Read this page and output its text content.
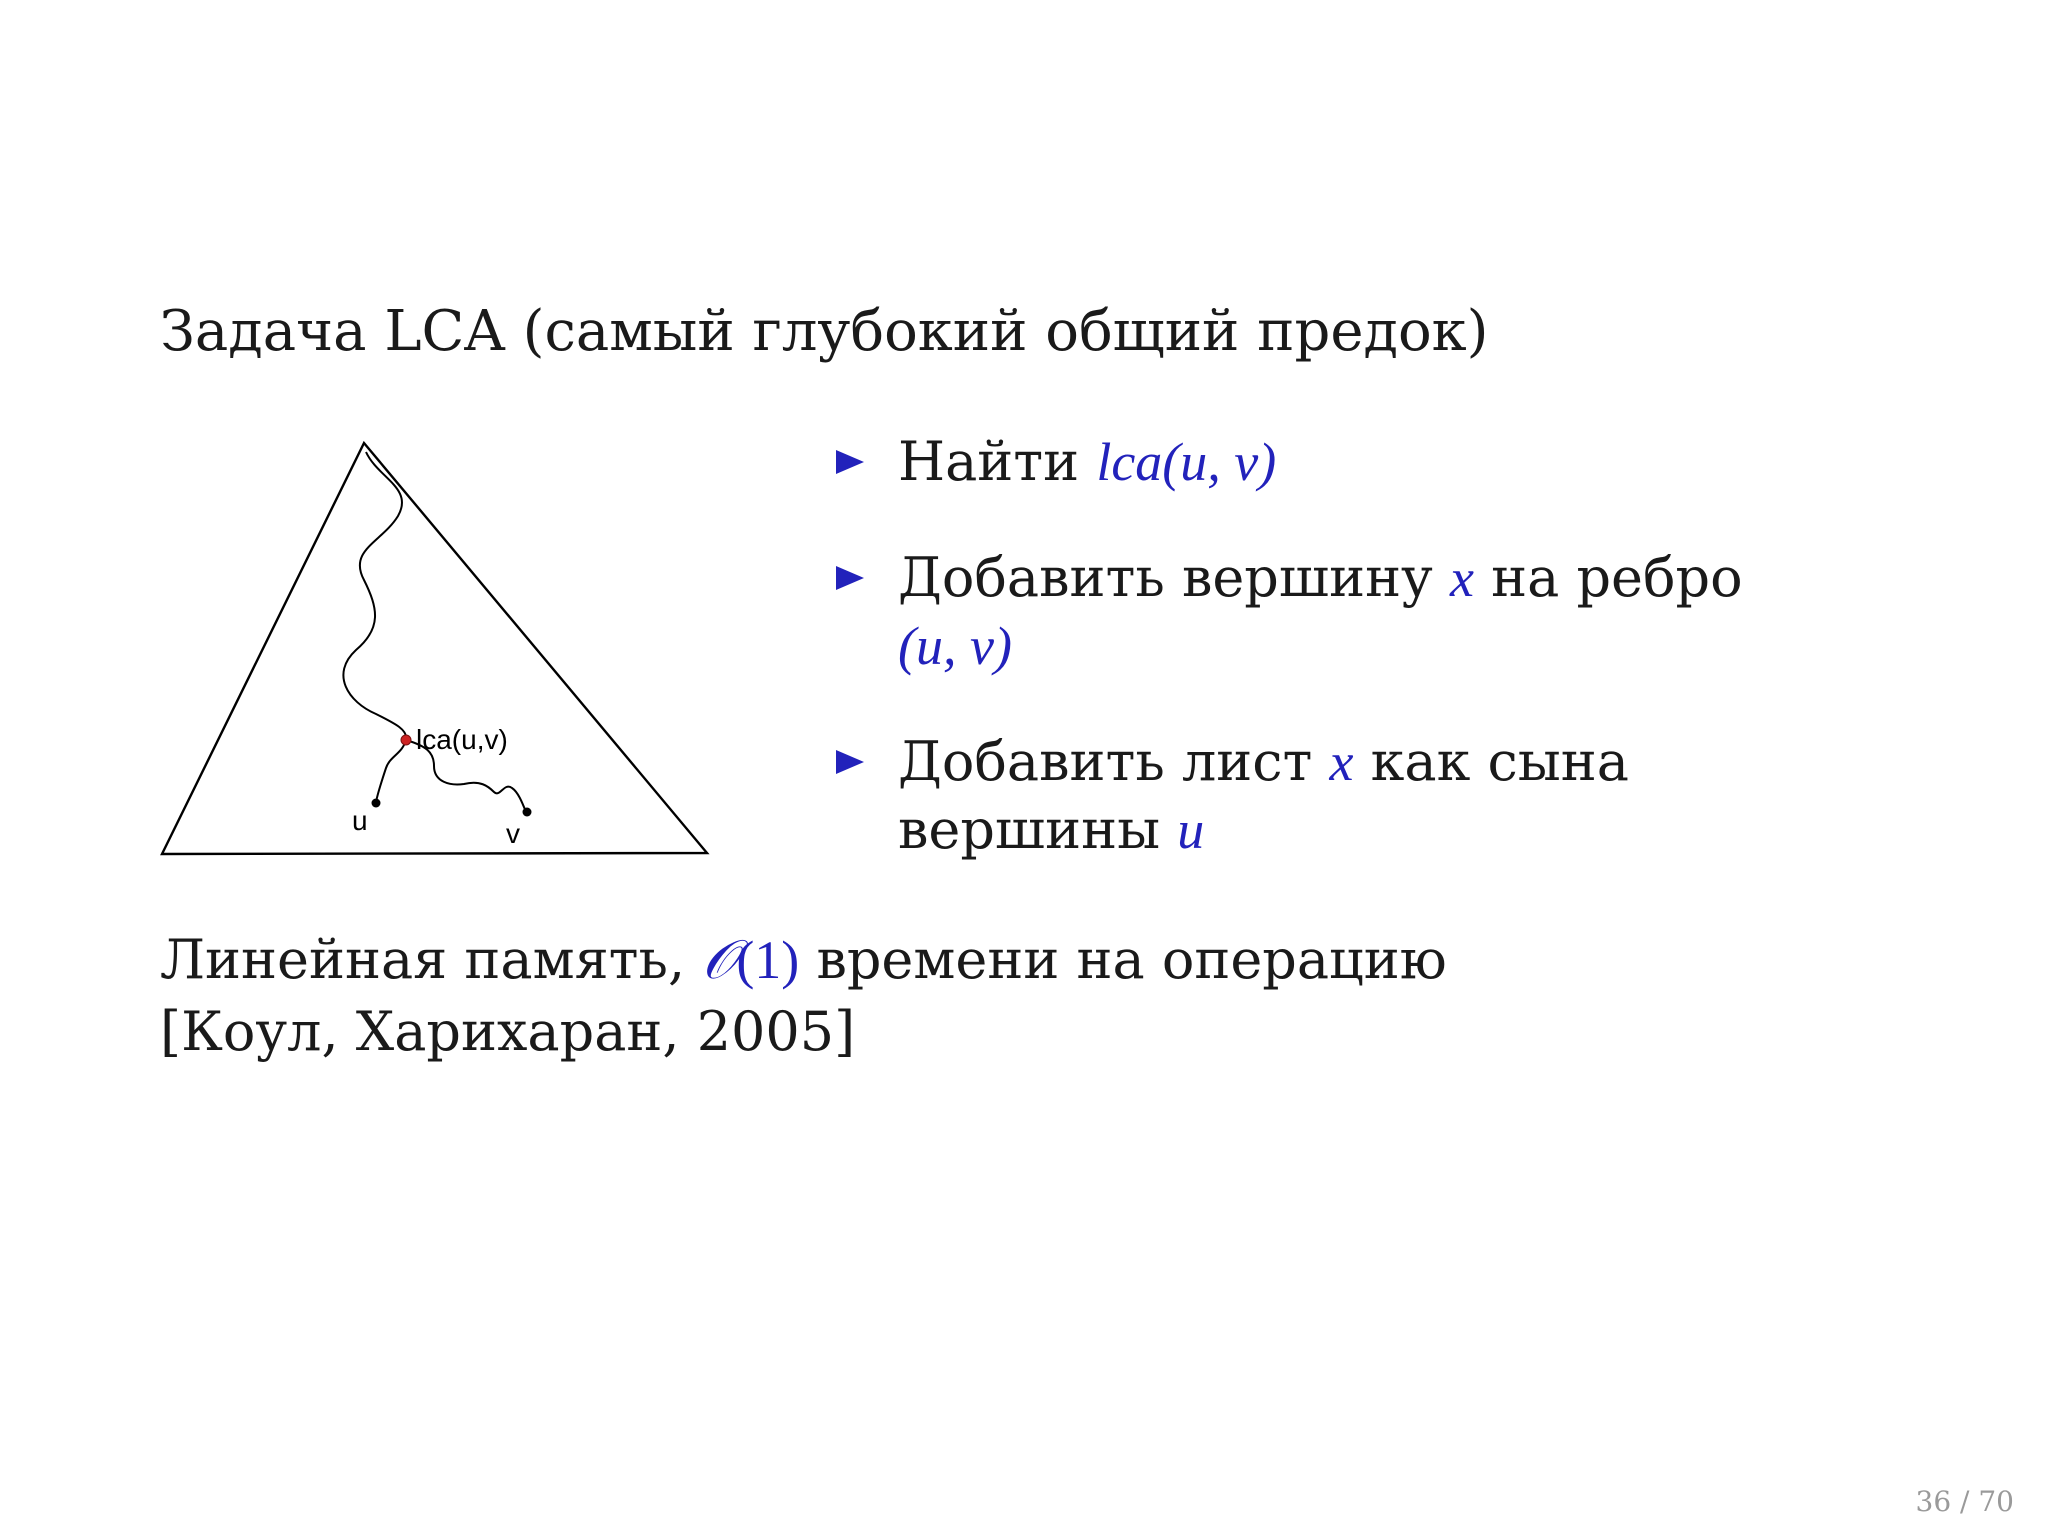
Задача LCA (самый глубокий общий предок)
lca(u,v)
u	v
Найти lca(u, v)
Добавить вершину x на ребро (u, v)
Добавить лист x как сына вершины u
Линейная память, 𝒪(1) времени на операцию
[Коул, Харихаран, 2005]
36 / 70
